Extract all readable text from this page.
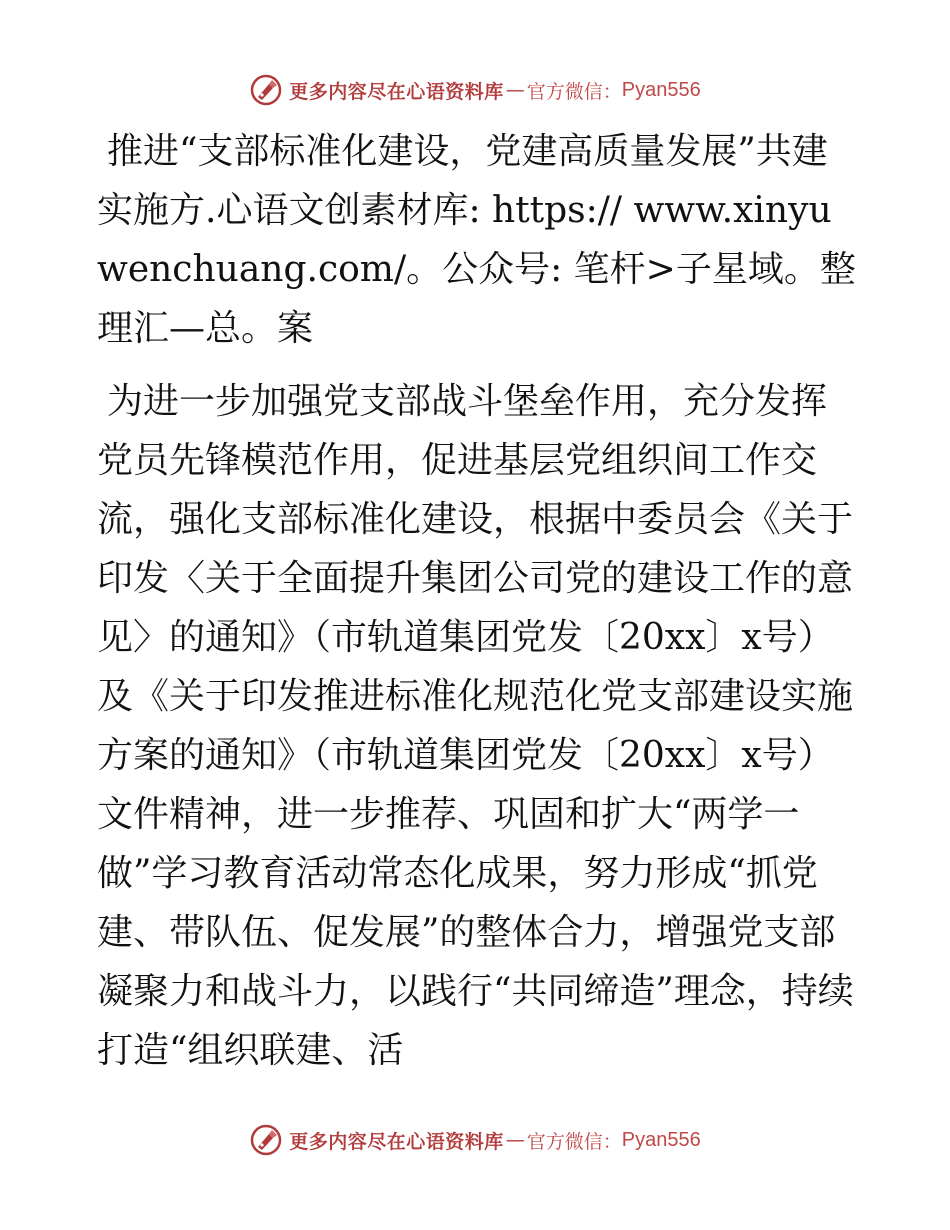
更多内容尽在心语资料库 — 官方微信： Pyan556

推进“支部标准化建设，党建高质量发展”共建实施方.心语文创素材库: https:// www.xinyuwenchuang.com/。公众号: 笔杆>子星域。整理汇—总。案

为进一步加强党支部战斗堡垒作用，充分发挥党员先锋模范作用，促进基层党组织间工作交流，强化支部标准化建设，根据中委员会《关于印发〈关于全面提升集团公司党的建设工作的意见〉的通知》（市轨道集团党发〔20xx〕x号）及《关于印发推进标准化规范化党支部建设实施方案的通知》（市轨道集团党发〔20xx〕x号）文件精神，进一步推荐、巩固和扩大“两学一做”学习教育活动常态化成果，努力形成“抓党建、带队伍、促发展”的整体合力，增强党支部凝聚力和战斗力，以践行“共同缔造”理念，持续打造“组织联建、活

更多内容尽在心语资料库 — 官方微信： Pyan556
